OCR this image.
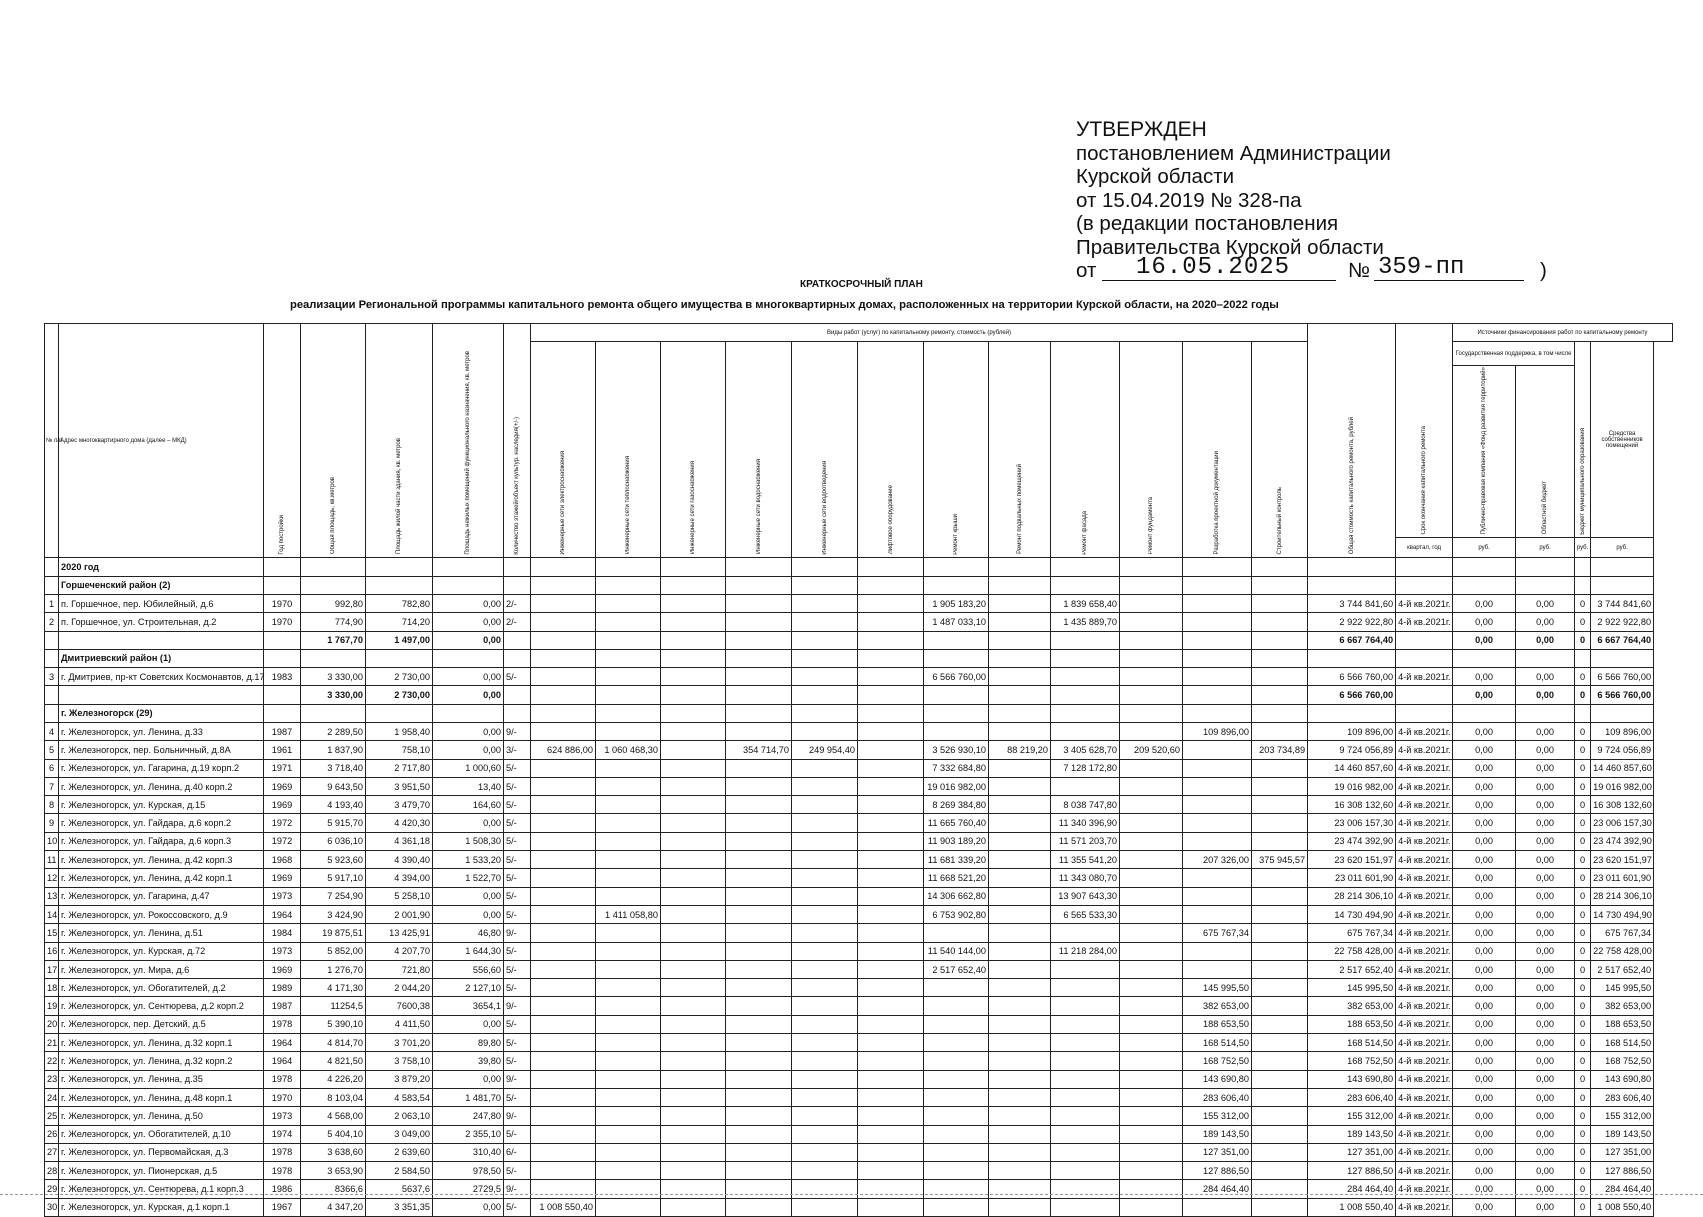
УТВЕРЖДЕН
постановлением Администрации
Курской области
от 15.04.2019 № 328-па
(в редакции постановления
Правительства Курской области
от 16.05.2025	№ 359-пп	)
КРАТКОСРОЧНЫЙ ПЛАН
реализации Региональной программы капитального ремонта общего имущества в многоквартирных домах, расположенных на территории Курской области, на 2020–2022 годы
№ п/п	Адрес многоквартирного дома (далее – МКД)	Год постройки	Общая площадь, кв.метров	Площадь жилой части здания, кв. метров	Площадь нежилых помещений функционального назначения, кв. метров	Количество этажей/объект культур. наследия(+/-)	Виды работ (услуг) по капитальному ремонту, стоимость (рублей)												Общая стоимость капитального ремонта, рублей	Срок окончания капитального ремонта	Источники финансирования работ по капитальному ремонту			
							Инженерные сети электроснабжения	Инженерные сети теплоснабжения	Инженерные сети газоснабжения	Инженерные сети водоснабжения	Инженерные сети водоотведения	Лифтовое оборудование	Ремонт крыши	Ремонт подвальных помещений	Ремонт фасада	Ремонт фундамента	Разработка проектной документации	Строительный контроль			Государственная поддержка, в том числе		Бюджет муниципального образования	Средства собственников помещений
																					Публично-правовая компания «Фонд развития территорий»	Областной бюджет		
																				квартал, год	руб.	руб.	руб.	руб.
	2020 год																							
	Горшеченский район (2)																							
1	п. Горшечное, пер. Юбилейный, д.6	1970	992,80	782,80	0,00	2/-							1 905 183,20		1 839 658,40				3 744 841,60	4-й кв.2021г.	0,00	0,00	0	3 744 841,60
2	п. Горшечное, ул. Строительная, д.2	1970	774,90	714,20	0,00	2/-							1 487 033,10		1 435 889,70				2 922 922,80	4-й кв.2021г.	0,00	0,00	0	2 922 922,80
			1 767,70	1 497,00	0,00														6 667 764,40		0,00	0,00	0	6 667 764,40
	Дмитриевский район (1)																							
3	г. Дмитриев, пр-кт Советских Космонавтов, д.17	1983	3 330,00	2 730,00	0,00	5/-							6 566 760,00						6 566 760,00	4-й кв.2021г.	0,00	0,00	0	6 566 760,00
			3 330,00	2 730,00	0,00														6 566 760,00		0,00	0,00	0	6 566 760,00
	г. Железногорск (29)																							
4	г. Железногорск, ул. Ленина, д.33	1987	2 289,50	1 958,40	0,00	9/-											109 896,00		109 896,00	4-й кв.2021г.	0,00	0,00	0	109 896,00
5	г. Железногорск, пер. Больничный, д.8А	1961	1 837,90	758,10	0,00	3/-	624 886,00	1 060 468,30		354 714,70	249 954,40		3 526 930,10	88 219,20	3 405 628,70	209 520,60		203 734,89	9 724 056,89	4-й кв.2021г.	0,00	0,00	0	9 724 056,89
6	г. Железногорск, ул. Гагарина, д.19 корп.2	1971	3 718,40	2 717,80	1 000,60	5/-							7 332 684,80		7 128 172,80				14 460 857,60	4-й кв.2021г.	0,00	0,00	0	14 460 857,60
7	г. Железногорск, ул. Ленина, д.40 корп.2	1969	9 643,50	3 951,50	13,40	5/-							19 016 982,00						19 016 982,00	4-й кв.2021г.	0,00	0,00	0	19 016 982,00
8	г. Железногорск, ул. Курская, д.15	1969	4 193,40	3 479,70	164,60	5/-							8 269 384,80		8 038 747,80				16 308 132,60	4-й кв.2021г.	0,00	0,00	0	16 308 132,60
9	г. Железногорск, ул. Гайдара, д.6 корп.2	1972	5 915,70	4 420,30	0,00	5/-							11 665 760,40		11 340 396,90				23 006 157,30	4-й кв.2021г.	0,00	0,00	0	23 006 157,30
10	г. Железногорск, ул. Гайдара, д.6 корп.3	1972	6 036,10	4 361,18	1 508,30	5/-							11 903 189,20		11 571 203,70				23 474 392,90	4-й кв.2021г.	0,00	0,00	0	23 474 392,90
11	г. Железногорск, ул. Ленина, д.42 корп.3	1968	5 923,60	4 390,40	1 533,20	5/-							11 681 339,20		11 355 541,20		207 326,00	375 945,57	23 620 151,97	4-й кв.2021г.	0,00	0,00	0	23 620 151,97
12	г. Железногорск, ул. Ленина, д.42 корп.1	1969	5 917,10	4 394,00	1 522,70	5/-							11 668 521,20		11 343 080,70				23 011 601,90	4-й кв.2021г.	0,00	0,00	0	23 011 601,90
13	г. Железногорск, ул. Гагарина, д.47	1973	7 254,90	5 258,10	0,00	5/-							14 306 662,80		13 907 643,30				28 214 306,10	4-й кв.2021г.	0,00	0,00	0	28 214 306,10
14	г. Железногорск, ул. Рокоссовского, д.9	1964	3 424,90	2 001,90	0,00	5/-		1 411 058,80					6 753 902,80		6 565 533,30				14 730 494,90	4-й кв.2021г.	0,00	0,00	0	14 730 494,90
15	г. Железногорск, ул. Ленина, д.51	1984	19 875,51	13 425,91	46,80	9/-											675 767,34		675 767,34	4-й кв.2021г.	0,00	0,00	0	675 767,34
16	г. Железногорск, ул. Курская, д.72	1973	5 852,00	4 207,70	1 644,30	5/-							11 540 144,00		11 218 284,00				22 758 428,00	4-й кв.2021г.	0,00	0,00	0	22 758 428,00
17	г. Железногорск, ул. Мира, д.6	1969	1 276,70	721,80	556,60	5/-							2 517 652,40						2 517 652,40	4-й кв.2021г.	0,00	0,00	0	2 517 652,40
18	г. Железногорск, ул. Обогатителей, д.2	1989	4 171,30	2 044,20	2 127,10	5/-											145 995,50		145 995,50	4-й кв.2021г.	0,00	0,00	0	145 995,50
19	г. Железногорск, ул. Сентюрева, д.2 корп.2	1987	11254,5	7600,38	3654,1	9/-											382 653,00		382 653,00	4-й кв.2021г.	0,00	0,00	0	382 653,00
20	г. Железногорск, пер. Детский, д.5	1978	5 390,10	4 411,50	0,00	5/-											188 653,50		188 653,50	4-й кв.2021г.	0,00	0,00	0	188 653,50
21	г. Железногорск, ул. Ленина, д.32 корп.1	1964	4 814,70	3 701,20	89,80	5/-											168 514,50		168 514,50	4-й кв.2021г.	0,00	0,00	0	168 514,50
22	г. Железногорск, ул. Ленина, д.32 корп.2	1964	4 821,50	3 758,10	39,80	5/-											168 752,50		168 752,50	4-й кв.2021г.	0,00	0,00	0	168 752,50
23	г. Железногорск, ул. Ленина, д.35	1978	4 226,20	3 879,20	0,00	9/-											143 690,80		143 690,80	4-й кв.2021г.	0,00	0,00	0	143 690,80
24	г. Железногорск, ул. Ленина, д.48 корп.1	1970	8 103,04	4 583,54	1 481,70	5/-											283 606,40		283 606,40	4-й кв.2021г.	0,00	0,00	0	283 606,40
25	г. Железногорск, ул. Ленина, д.50	1973	4 568,00	2 063,10	247,80	9/-											155 312,00		155 312,00	4-й кв.2021г.	0,00	0,00	0	155 312,00
26	г. Железногорск, ул. Обогатителей, д.10	1974	5 404,10	3 049,00	2 355,10	5/-											189 143,50		189 143,50	4-й кв.2021г.	0,00	0,00	0	189 143,50
27	г. Железногорск, ул. Первомайская, д.3	1978	3 638,60	2 639,60	310,40	6/-											127 351,00		127 351,00	4-й кв.2021г.	0,00	0,00	0	127 351,00
28	г. Железногорск, ул. Пионерская, д.5	1978	3 653,90	2 584,50	978,50	5/-											127 886,50		127 886,50	4-й кв.2021г.	0,00	0,00	0	127 886,50
29	г. Железногорск, ул. Сентюрева, д.1 корп.3	1986	8366,6	5637,6	2729,5	9/-											284 464,40		284 464,40	4-й кв.2021г.	0,00	0,00	0	284 464,40
30	г. Железногорск, ул. Курская, д.1 корп.1	1967	4 347,20	3 351,35	0,00	5/-	1 008 550,40												1 008 550,40	4-й кв.2021г.	0,00	0,00	0	1 008 550,40
